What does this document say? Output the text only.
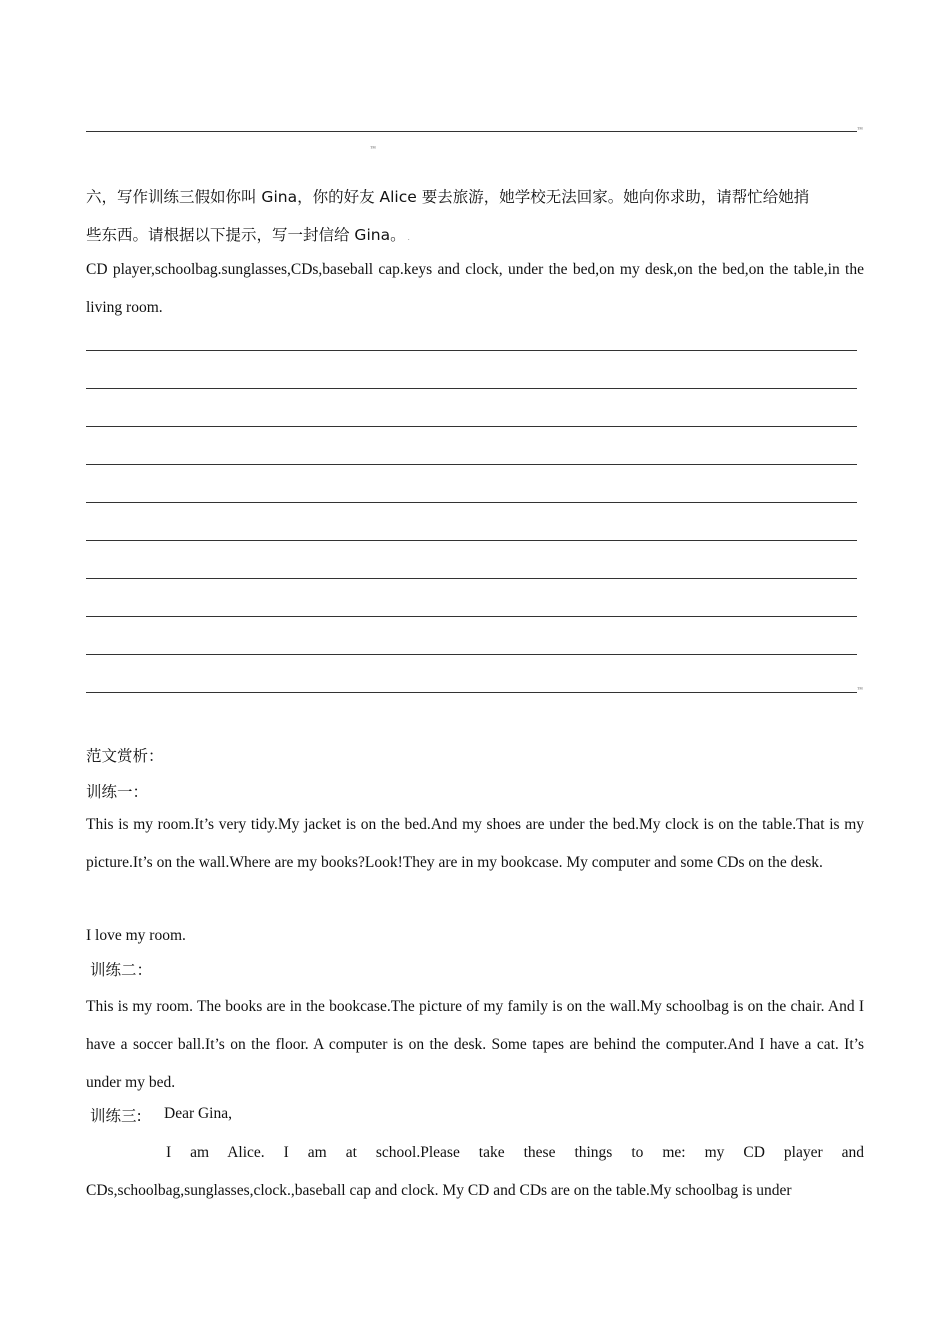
™
™
六，写作训练三假如你叫 Gina，你的好友 Alice 要去旅游，她学校无法回家。她向你求助，请帮忙给她捎
些东西。请根据以下提示，写一封信给 Gina。 .
CD player,schoolbag.sunglasses,CDs,baseball cap.keys and clock, under the bed,on my desk,on the bed,on the table,in the living room.
™
范文赏析：
训练一：
This is my room.It’s very tidy.My jacket is on the bed.And my shoes are under the bed.My clock is on the table.That is my picture.It’s on the wall.Where are my books?Look!They are in my bookcase. My computer and some CDs on the desk.
I love my room.
训练二：
This is my room. The books are in the bookcase.The picture of my family is on the wall.My schoolbag is on the chair. And I have a soccer ball.It’s on the floor. A computer is on the desk. Some tapes are behind the computer.And I have a cat. It’s under my bed.
训练三: Dear Gina,
I am Alice. I am at school.Please take these things to me: my CD player and CDs,schoolbag,sunglasses,clock.,baseball cap and clock. My CD and CDs are on the table.My schoolbag is under
